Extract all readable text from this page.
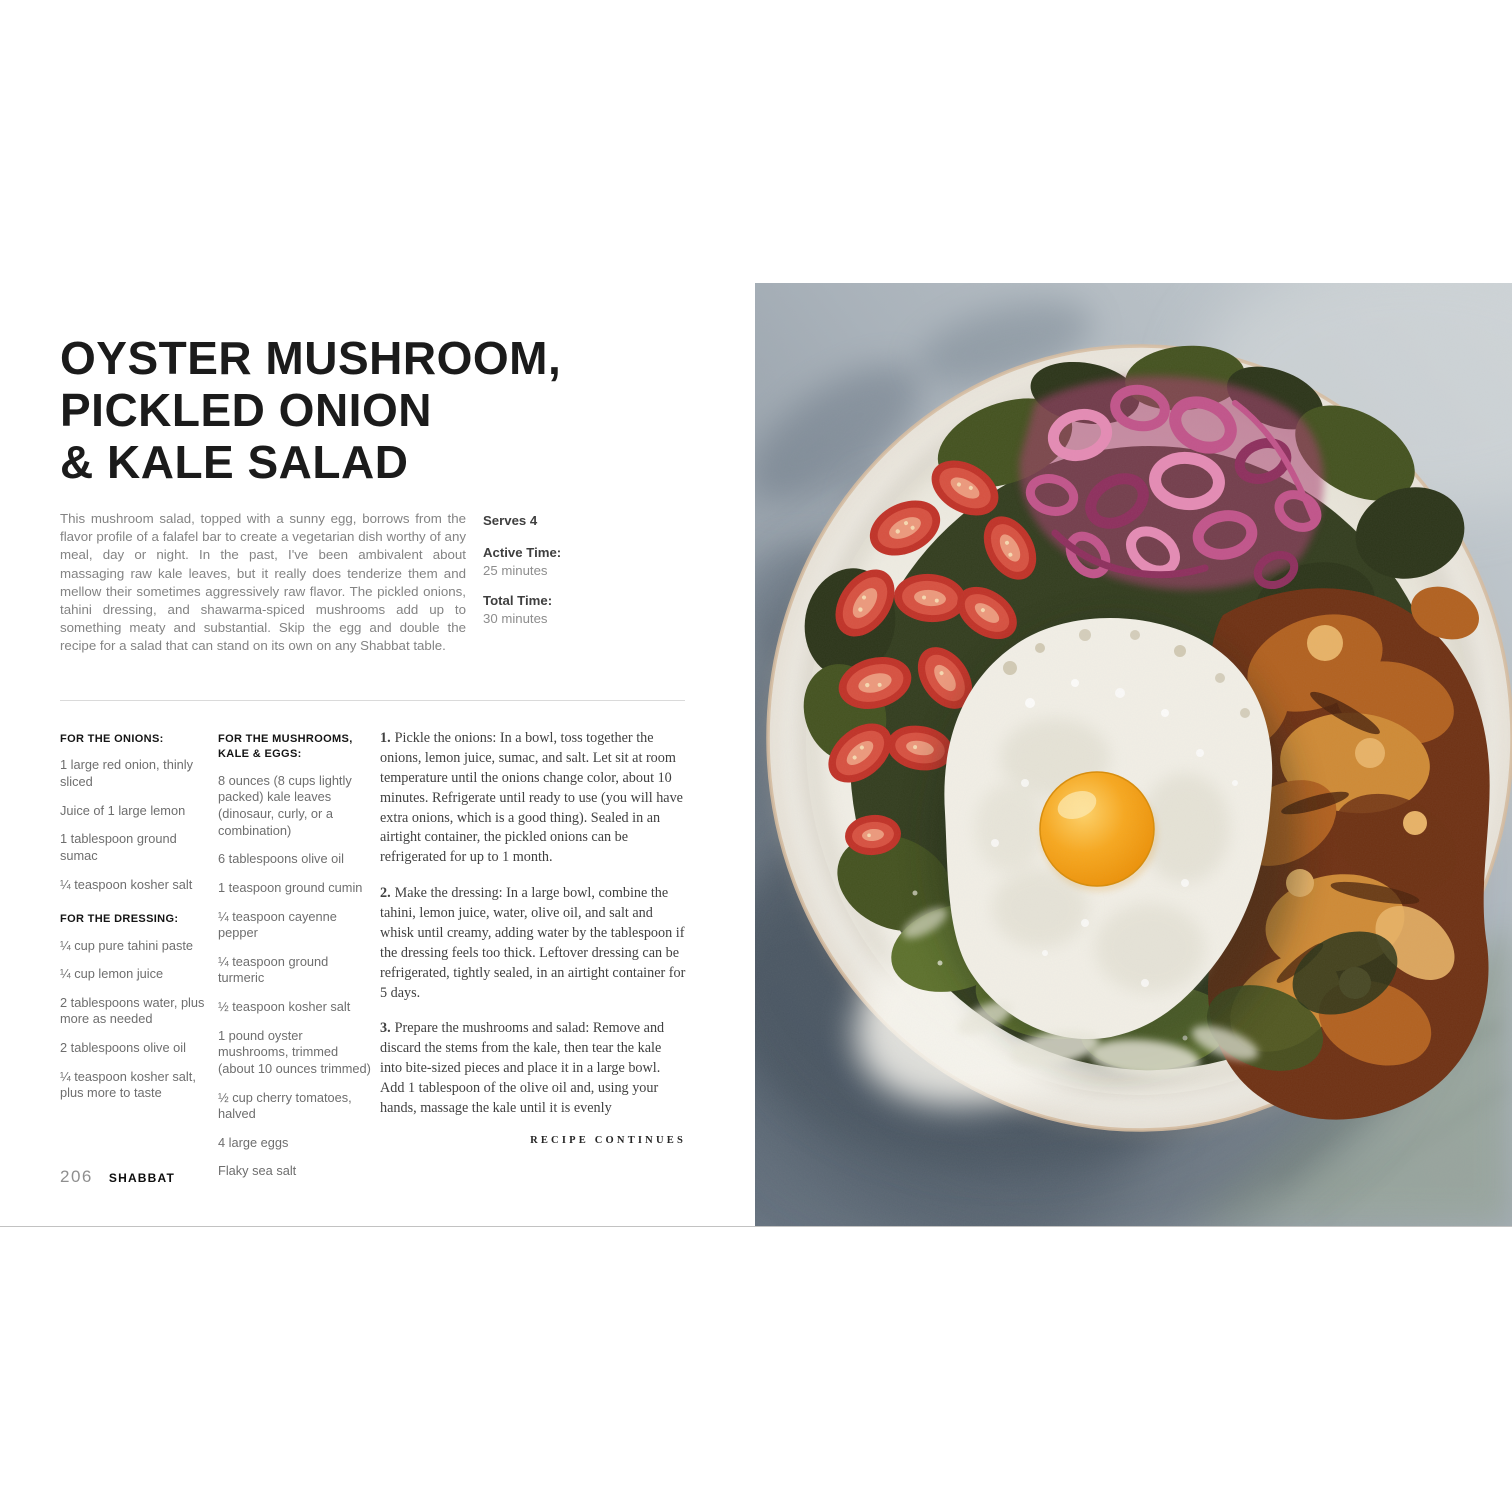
OYSTER MUSHROOM,
PICKLED ONION
& KALE SALAD
This mushroom salad, topped with a sunny egg, borrows from the flavor profile of a falafel bar to create a vegetarian dish worthy of any meal, day or night. In the past, I've been ambivalent about massaging raw kale leaves, but it really does tenderize them and mellow their sometimes aggressively raw flavor. The pickled onions, tahini dressing, and shawarma-spiced mushrooms add up to something meaty and substantial. Skip the egg and double the recipe for a salad that can stand on its own on any Shabbat table.
Serves 4
Active Time:
25 minutes
Total Time:
30 minutes

FOR THE ONIONS:

1 large red onion, thinly sliced

Juice of 1 large lemon

1 tablespoon ground sumac

¼ teaspoon kosher salt

FOR THE DRESSING:

¼ cup pure tahini paste

¼ cup lemon juice

2 tablespoons water, plus more as needed

2 tablespoons olive oil

¼ teaspoon kosher salt, plus more to taste

FOR THE MUSHROOMS, KALE & EGGS:

8 ounces (8 cups lightly packed) kale leaves (dinosaur, curly, or a combination)

6 tablespoons olive oil

1 teaspoon ground cumin

¼ teaspoon cayenne pepper

¼ teaspoon ground turmeric

½ teaspoon kosher salt

1 pound oyster mushrooms, trimmed (about 10 ounces trimmed)

½ cup cherry tomatoes, halved

4 large eggs

Flaky sea salt

1. Pickle the onions: In a bowl, toss together the onions, lemon juice, sumac, and salt. Let sit at room temperature until the onions change color, about 10 minutes. Refrigerate until ready to use (you will have extra onions, which is a good thing). Sealed in an airtight container, the pickled onions can be refrigerated for up to 1 month.

2. Make the dressing: In a large bowl, combine the tahini, lemon juice, water, olive oil, and salt and whisk until creamy, adding water by the tablespoon if the dressing feels too thick. Leftover dressing can be refrigerated, tightly sealed, in an airtight container for 5 days.

3. Prepare the mushrooms and salad: Remove and discard the stems from the kale, then tear the kale into bite-sized pieces and place it in a large bowl. Add 1 tablespoon of the olive oil and, using your hands, massage the kale until it is evenly

RECIPE CONTINUES
206 SHABBAT
